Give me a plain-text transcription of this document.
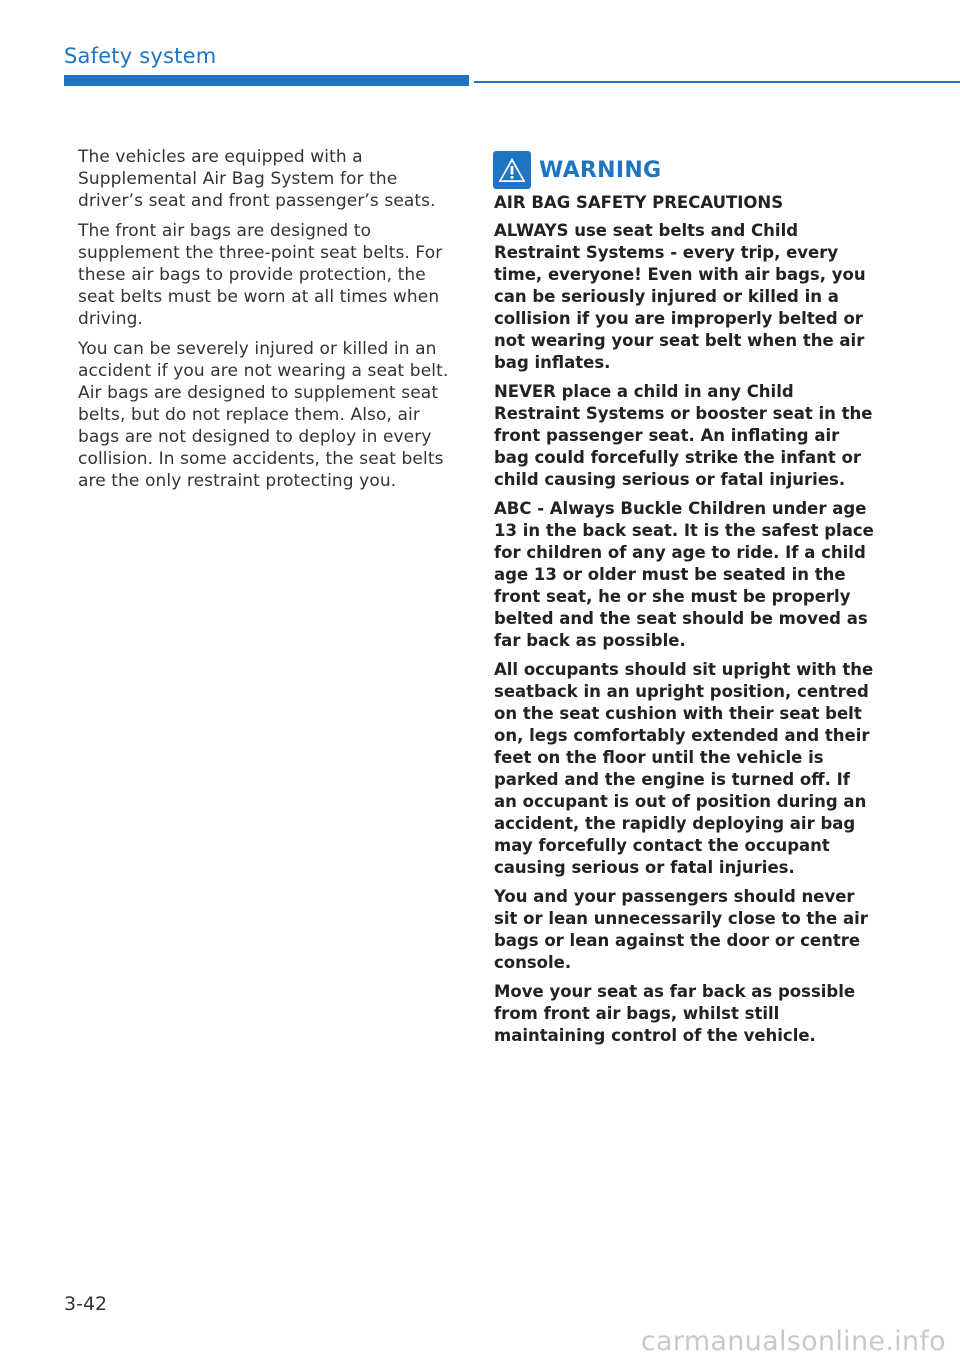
Safety system

The vehicles are equipped with a Supplemental Air Bag System for the driver’s seat and front passenger’s seats.

The front air bags are designed to supplement the three-point seat belts. For these air bags to provide protection, the seat belts must be worn at all times when driving.

You can be severely injured or killed in an accident if you are not wearing a seat belt. Air bags are designed to supplement seat belts, but do not replace them. Also, air bags are not designed to deploy in every collision. In some accidents, the seat belts are the only restraint protecting you.

WARNING
AIR BAG SAFETY PRECAUTIONS

ALWAYS use seat belts and Child Restraint Systems - every trip, every time, everyone! Even with air bags, you can be seriously injured or killed in a collision if you are improperly belted or not wearing your seat belt when the air bag inflates.

NEVER place a child in any Child Restraint Systems or booster seat in the front passenger seat. An inflating air bag could forcefully strike the infant or child causing serious or fatal injuries.

ABC - Always Buckle Children under age 13 in the back seat. It is the safest place for children of any age to ride. If a child age 13 or older must be seated in the front seat, he or she must be properly belted and the seat should be moved as far back as possible.

All occupants should sit upright with the seatback in an upright position, centred on the seat cushion with their seat belt on, legs comfortably extended and their feet on the floor until the vehicle is parked and the engine is turned off. If an occupant is out of position during an accident, the rapidly deploying air bag may forcefully contact the occupant causing serious or fatal injuries.

You and your passengers should never sit or lean unnecessarily close to the air bags or lean against the door or centre console.

Move your seat as far back as possible from front air bags, whilst still maintaining control of the vehicle.

3-42
carmanualsonline.info
